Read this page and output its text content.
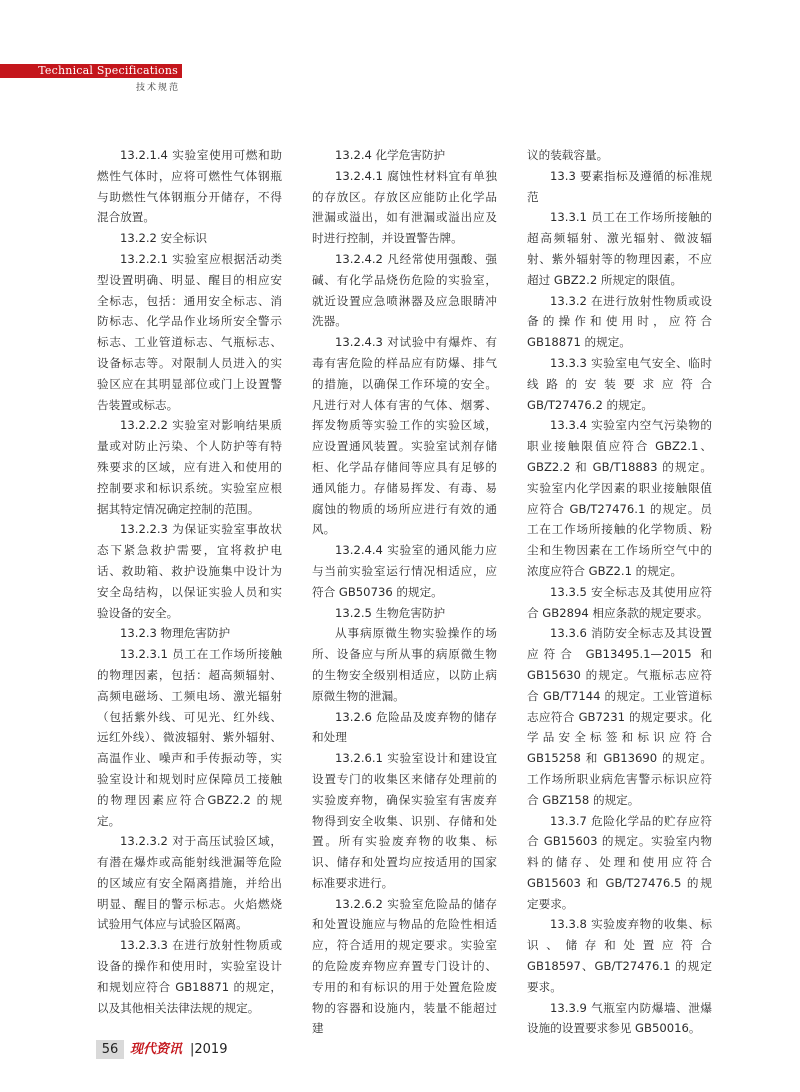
Technical Specifications
技术规范

13.2.1.4 实验室使用可燃和助燃性气体时，应将可燃性气体钢瓶与助燃性气体钢瓶分开储存，不得混合放置。

13.2.2 安全标识

13.2.2.1 实验室应根据活动类型设置明确、明显、醒目的相应安全标志，包括：通用安全标志、消防标志、化学品作业场所安全警示标志、工业管道标志、气瓶标志、设备标志等。对限制人员进入的实验区应在其明显部位或门上设置警告装置或标志。

13.2.2.2 实验室对影响结果质量或对防止污染、个人防护等有特殊要求的区域，应有进入和使用的控制要求和标识系统。实验室应根据其特定情况确定控制的范围。

13.2.2.3 为保证实验室事故状态下紧急救护需要，宜将救护电话、救助箱、救护设施集中设计为安全岛结构，以保证实验人员和实验设备的安全。

13.2.3 物理危害防护

13.2.3.1 员工在工作场所接触的物理因素，包括：超高频辐射、高频电磁场、工频电场、激光辐射（包括紫外线、可见光、红外线、远红外线）、微波辐射、紫外辐射、高温作业、噪声和手传振动等，实验室设计和规划时应保障员工接触的物理因素应符合GBZ2.2 的规定。

13.2.3.2 对于高压试验区域，有潜在爆炸或高能射线泄漏等危险的区域应有安全隔离措施，并给出明显、醒目的警示标志。火焰燃烧试验用气体应与试验区隔离。

13.2.3.3 在进行放射性物质或设备的操作和使用时，实验室设计和规划应符合 GB18871 的规定，以及其他相关法律法规的规定。

13.2.4 化学危害防护

13.2.4.1 腐蚀性材料宜有单独的存放区。存放区应能防止化学品泄漏或溢出，如有泄漏或溢出应及时进行控制，并设置警告牌。

13.2.4.2 凡经常使用强酸、强碱、有化学品烧伤危险的实验室，就近设置应急喷淋器及应急眼睛冲洗器。

13.2.4.3 对试验中有爆炸、有毒有害危险的样品应有防爆、排气的措施，以确保工作环境的安全。凡进行对人体有害的气体、烟雾、挥发物质等实验工作的实验区域，应设置通风装置。实验室试剂存储柜、化学品存储间等应具有足够的通风能力。存储易挥发、有毒、易腐蚀的物质的场所应进行有效的通风。

13.2.4.4 实验室的通风能力应与当前实验室运行情况相适应，应符合 GB50736 的规定。

13.2.5 生物危害防护

从事病原微生物实验操作的场所、设备应与所从事的病原微生物的生物安全级别相适应，以防止病原微生物的泄漏。

13.2.6 危险品及废弃物的储存和处理

13.2.6.1 实验室设计和建设宜设置专门的收集区来储存处理前的实验废弃物，确保实验室有害废弃物得到安全收集、识别、存储和处置。所有实验废弃物的收集、标识、储存和处置均应按适用的国家标准要求进行。

13.2.6.2 实验室危险品的储存和处置设施应与物品的危险性相适应，符合适用的规定要求。实验室的危险废弃物应弃置专门设计的、专用的和有标识的用于处置危险废物的容器和设施内，装量不能超过建

议的装载容量。

13.3 要素指标及遵循的标准规范

13.3.1 员工在工作场所接触的超高频辐射、激光辐射、微波辐射、紫外辐射等的物理因素，不应超过 GBZ2.2 所规定的限值。

13.3.2 在进行放射性物质或设备的操作和使用时，应符合 GB18871 的规定。

13.3.3 实验室电气安全、临时线路的安装要求应符合 GB/T27476.2 的规定。

13.3.4 实验室内空气污染物的职业接触限值应符合 GBZ2.1、GBZ2.2 和 GB/T18883 的规定。实验室内化学因素的职业接触限值应符合 GB/T27476.1 的规定。员工在工作场所接触的化学物质、粉尘和生物因素在工作场所空气中的浓度应符合 GBZ2.1 的规定。

13.3.5 安全标志及其使用应符合 GB2894 相应条款的规定要求。

13.3.6 消防安全标志及其设置应符合 GB13495.1—2015 和 GB15630 的规定。气瓶标志应符合 GB/T7144 的规定。工业管道标志应符合 GB7231 的规定要求。化学品安全标签和标识应符合 GB15258 和 GB13690 的规定。工作场所职业病危害警示标识应符合 GBZ158 的规定。

13.3.7 危险化学品的贮存应符合 GB15603 的规定。实验室内物料的储存、处理和使用应符合 GB15603 和 GB/T27476.5 的规定要求。

13.3.8 实验废弃物的收集、标识、储存和处置应符合 GB18597、GB/T27476.1 的规定要求。

13.3.9 气瓶室内防爆墙、泄爆设施的设置要求参见 GB50016。

56 现代资讯 |2019
